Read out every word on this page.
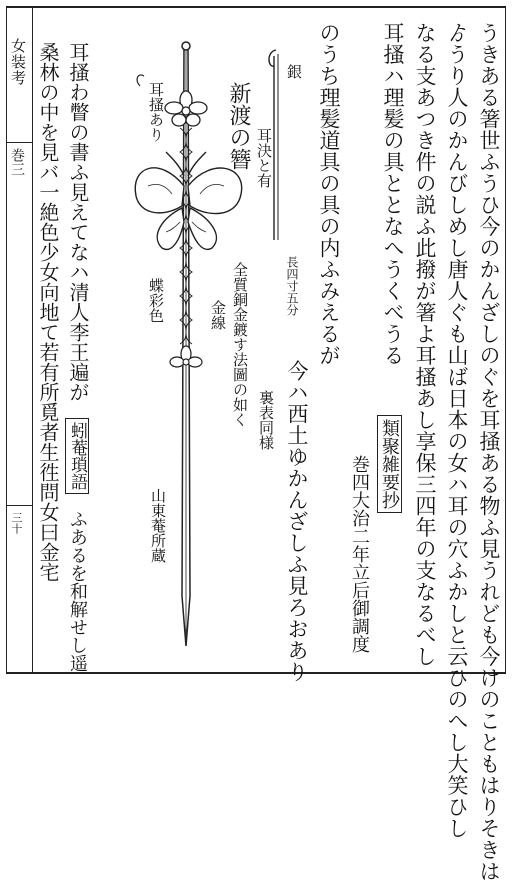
女装考
巻三
三十	うきある箸世ふうひ今のかんざしのぐを耳掻ある物ふ見うれども今けのこともはりそきは
ゟうり人のかんびしめし唐人ぐも山ば日本の女ハ耳の穴ふかしと云ひのへし大笑ひし
なる支あつき件の説ふ此撥が箸よ耳搔あし享保三四年の支なるべし
耳搔ハ理髪の具ととなへうくべうる
類聚雑要抄
巻四大治二年立后御調度
のうち理髪道具の具の内ふみえるが
今ハ西土ゆかんざしふ見ろおあり
耳搔わ瞥の書ふ見えてなハ清人李王遍が
蚓菴瑣語
ふあるを和解せし遥
桑林の中を見バ一絶色少女向地て若有所覓者生徃問女曰金宅	新渡の簪
耳搔あり
蝶彩色	全質銅金鍍す法圖の如く 裏表同様
金線
山東菴所蔵
銀
耳決と有
長四寸五分
